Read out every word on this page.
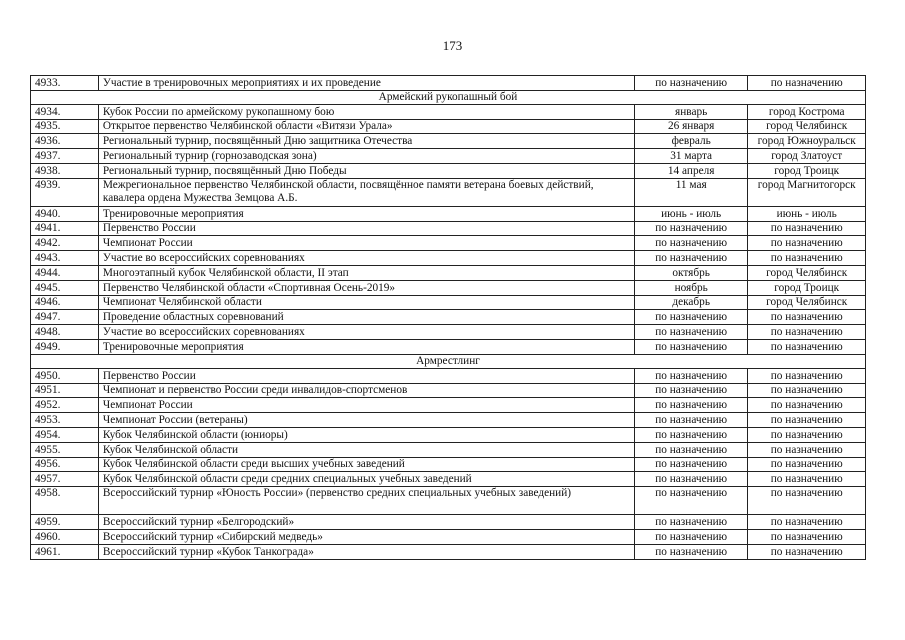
173
4933.	Участие в тренировочных мероприятиях и их проведение	по назначению	по назначению
Армейский рукопашный бой			
4934.	Кубок России по армейскому рукопашному бою	январь	город Кострома
4935.	Открытое первенство Челябинской области «Витязи Урала»	26 января	город Челябинск
4936.	Региональный турнир, посвящённый Дню защитника Отечества	февраль	город Южноуральск
4937.	Региональный турнир (горнозаводская зона)	31 марта	город Златоуст
4938.	Региональный турнир, посвящённый Дню Победы	14 апреля	город Троицк
4939.	Межрегиональное первенство Челябинской области, посвящённое памяти ветерана боевых действий, кавалера ордена Мужества Земцова А.Б.	11 мая	город Магнитогорск
4940.	Тренировочные мероприятия	июнь - июль	июнь - июль
4941.	Первенство России	по назначению	по назначению
4942.	Чемпионат России	по назначению	по назначению
4943.	Участие во всероссийских соревнованиях	по назначению	по назначению
4944.	Многоэтапный кубок Челябинской области, II этап	октябрь	город Челябинск
4945.	Первенство Челябинской области «Спортивная Осень-2019»	ноябрь	город Троицк
4946.	Чемпионат Челябинской области	декабрь	город Челябинск
4947.	Проведение областных соревнований	по назначению	по назначению
4948.	Участие во всероссийских соревнованиях	по назначению	по назначению
4949.	Тренировочные мероприятия	по назначению	по назначению
Армрестлинг			
4950.	Первенство России	по назначению	по назначению
4951.	Чемпионат и первенство России среди инвалидов-спортсменов	по назначению	по назначению
4952.	Чемпионат России	по назначению	по назначению
4953.	Чемпионат России (ветераны)	по назначению	по назначению
4954.	Кубок Челябинской области (юниоры)	по назначению	по назначению
4955.	Кубок Челябинской области	по назначению	по назначению
4956.	Кубок Челябинской области среди высших учебных заведений	по назначению	по назначению
4957.	Кубок Челябинской области среди средних специальных учебных заведений	по назначению	по назначению
4958.	Всероссийский турнир «Юность России» (первенство средних специальных учебных заведений)	по назначению	по назначению
4959.	Всероссийский турнир «Белгородский»	по назначению	по назначению
4960.	Всероссийский турнир «Сибирский медведь»	по назначению	по назначению
4961.	Всероссийский турнир «Кубок Танкограда»	по назначению	по назначению
